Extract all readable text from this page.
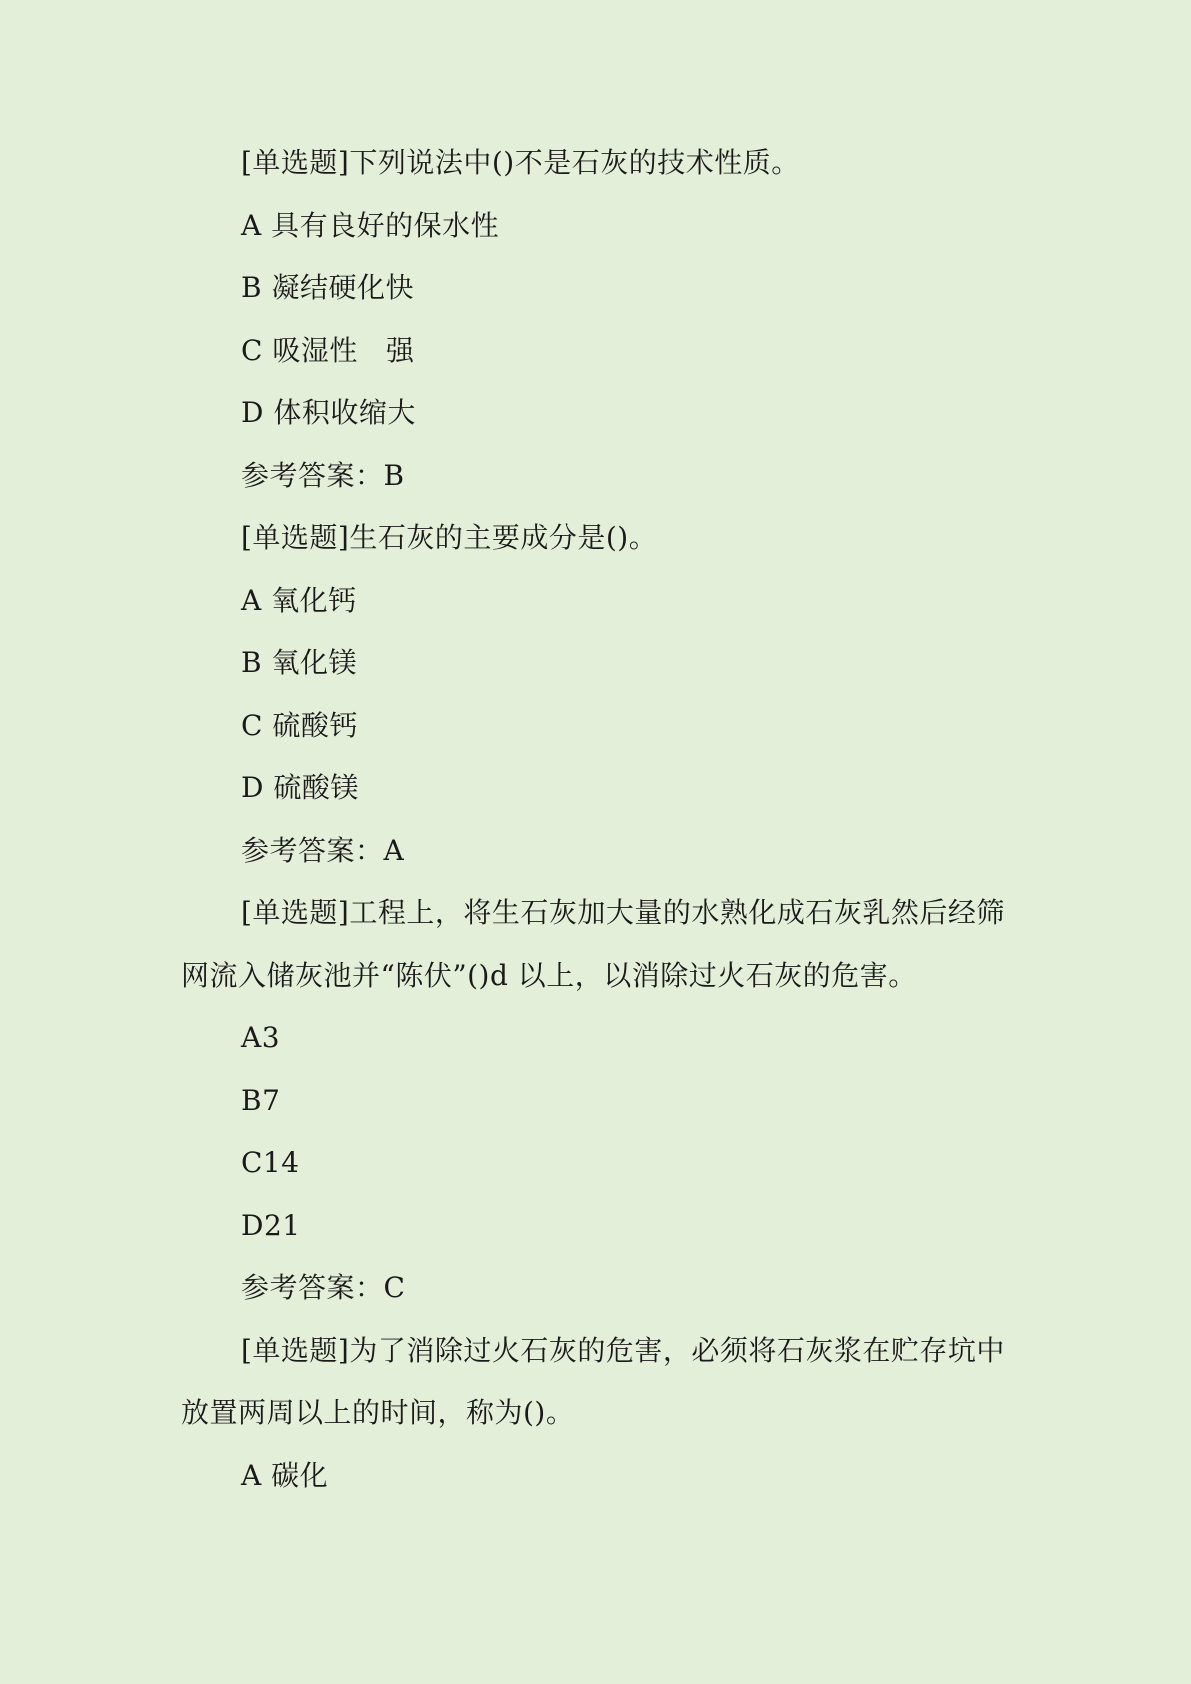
[单选题]下列说法中()不是石灰的技术性质。

A 具有良好的保水性

B 凝结硬化快

C 吸湿性   强

D 体积收缩大

参考答案：B

[单选题]生石灰的主要成分是()。

A 氧化钙

B 氧化镁

C 硫酸钙

D 硫酸镁

参考答案：A

[单选题]工程上，将生石灰加大量的水熟化成石灰乳然后经筛网流入储灰池并“陈伏”()d 以上，以消除过火石灰的危害。

A3

B7

C14

D21

参考答案：C

[单选题]为了消除过火石灰的危害，必须将石灰浆在贮存坑中放置两周以上的时间，称为()。

A 碳化
